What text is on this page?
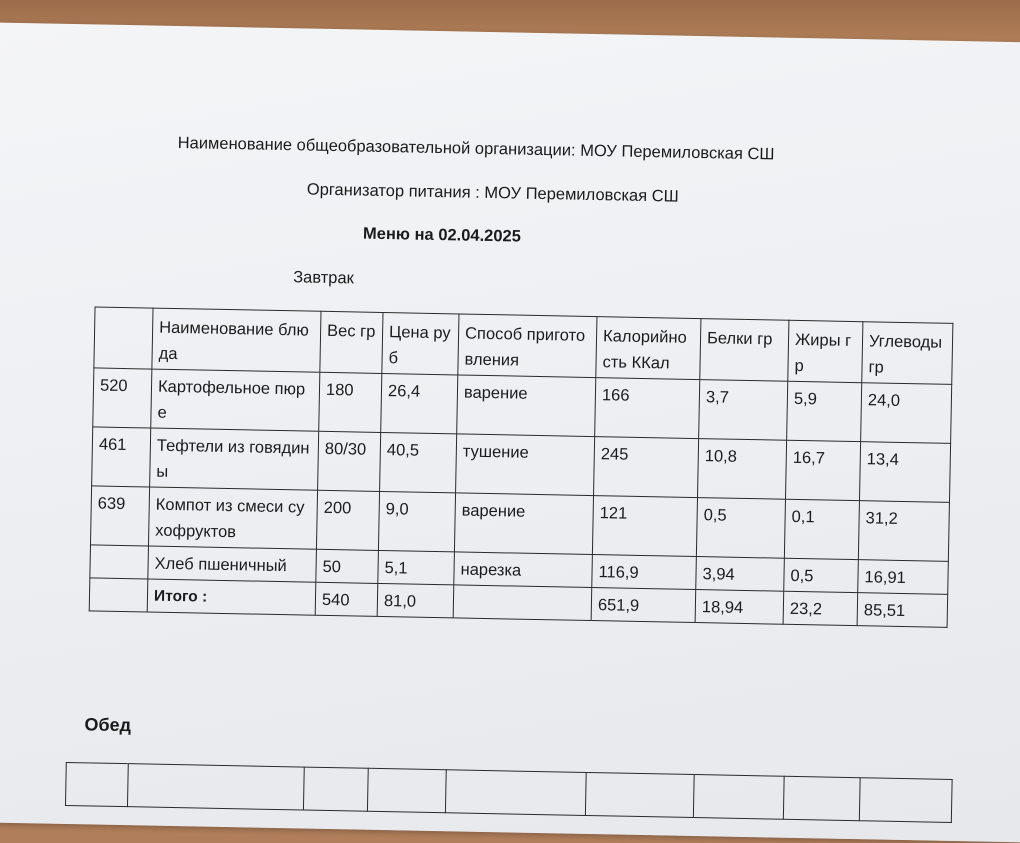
Наименование общеобразовательной организации: МОУ Перемиловская СШ
Организатор питания : МОУ Перемиловская СШ
Меню на 02.04.2025
Завтрак
	Наименование блюда	Вес гр	Цена руб	Способ приготовления	Калорийность ККал	Белки гр	Жиры гр	Углеводы гр
520	Картофельное пюре	180	26,4	варение	166	3,7	5,9	24,0
461	Тефтели из говядины	80/30	40,5	тушение	245	10,8	16,7	13,4
639	Компот из смеси сухофруктов	200	9,0	варение	121	0,5	0,1	31,2
	Хлеб пшеничный	50	5,1	нарезка	116,9	3,94	0,5	16,91
	Итого :	540	81,0		651,9	18,94	23,2	85,51
Обед
